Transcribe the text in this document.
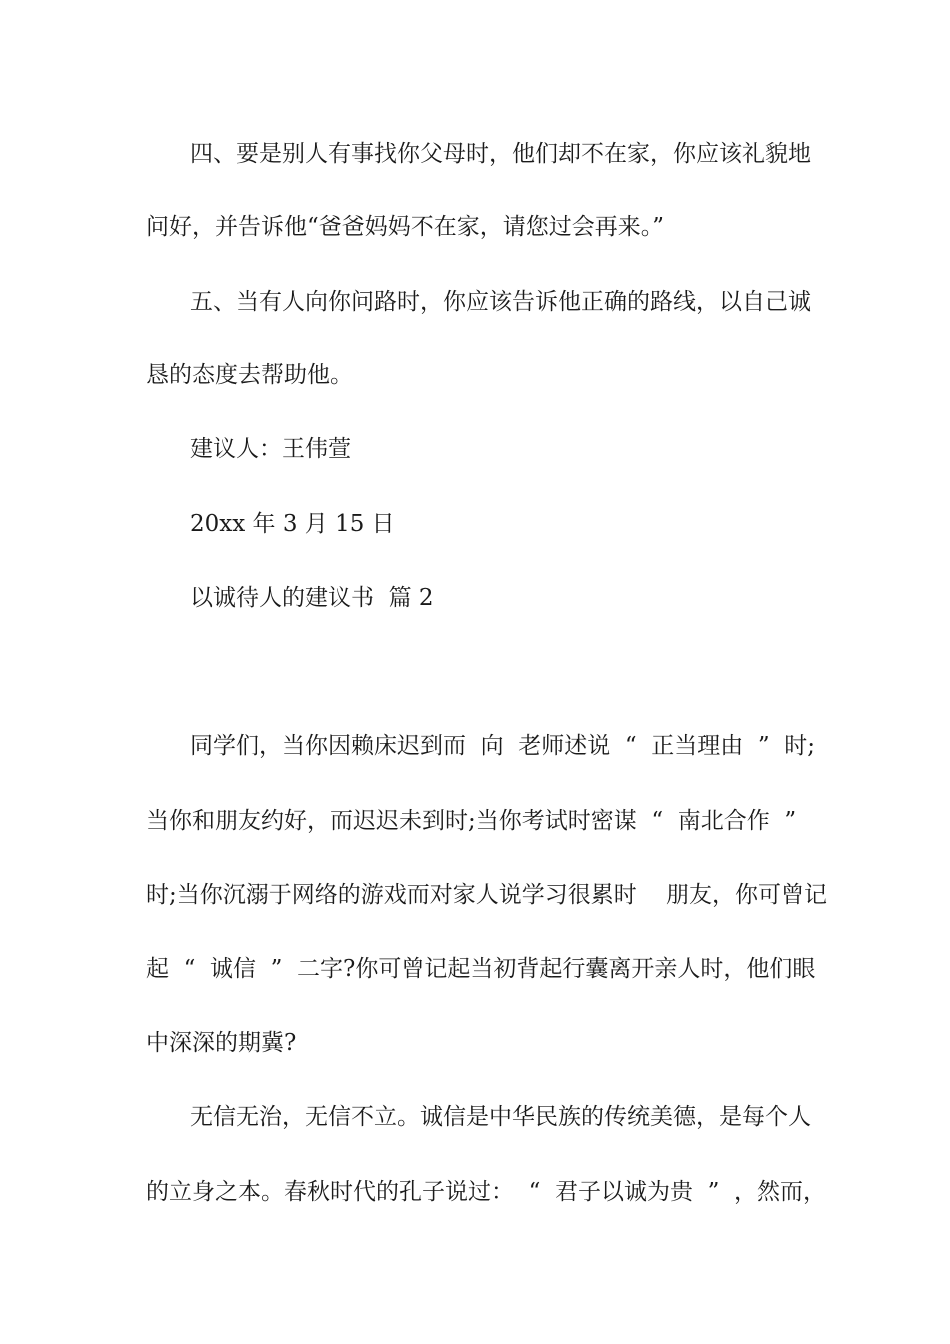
四、要是别人有事找你父母时，他们却不在家，你应该礼貌地
问好，并告诉他“爸爸妈妈不在家，请您过会再来。”
五、当有人向你问路时，你应该告诉他正确的路线，以自己诚
恳的态度去帮助他。
建议人：王伟萱
20xx 年 3 月 15 日
以诚待人的建议书  篇 2
同学们，当你因赖床迟到而  向  老师述说  “  正当理由  ”  时;
当你和朋友约好，而迟迟未到时;当你考试时密谋  “  南北合作  ”
时;当你沉溺于网络的游戏而对家人说学习很累时    朋友，你可曾记
起  “  诚信  ”  二字?你可曾记起当初背起行囊离开亲人时，他们眼
中深深的期冀?
无信无治，无信不立。诚信是中华民族的传统美德，是每个人
的立身之本。春秋时代的孔子说过：  “  君子以诚为贵  ”  ，然而，
